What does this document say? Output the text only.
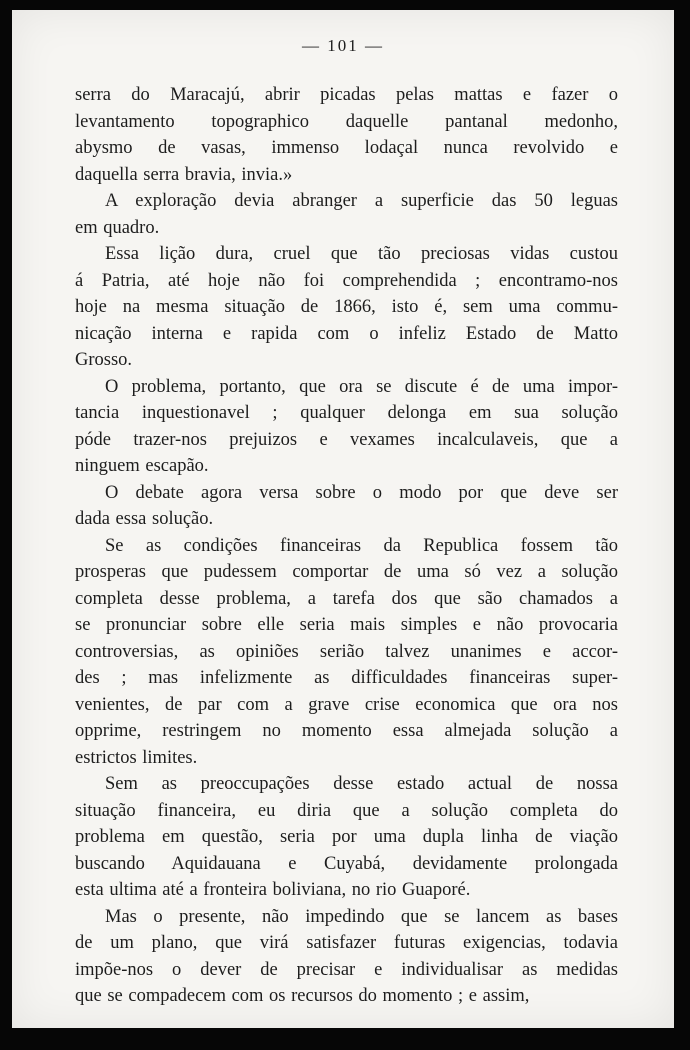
— 101 —
serra do Maracajú, abrir picadas pelas mattas e fazer o
levantamento topographico daquelle pantanal medonho,
abysmo de vasas, immenso lodaçal nunca revolvido e
daquella serra bravia, invia.»
A exploração devia abranger a superficie das 50 leguas
em quadro.
Essa lição dura, cruel que tão preciosas vidas custou
á Patria, até hoje não foi comprehendida ; encontramo-nos
hoje na mesma situação de 1866, isto é, sem uma commu-
nicação interna e rapida com o infeliz Estado de Matto
Grosso.
O problema, portanto, que ora se discute é de uma impor-
tancia inquestionavel ; qualquer delonga em sua solução
póde trazer-nos prejuizos e vexames incalculaveis, que a
ninguem escapão.
O debate agora versa sobre o modo por que deve ser
dada essa solução.
Se as condições financeiras da Republica fossem tão
prosperas que pudessem comportar de uma só vez a solução
completa desse problema, a tarefa dos que são chamados a
se pronunciar sobre elle seria mais simples e não provocaria
controversias, as opiniões serião talvez unanimes e accor-
des ; mas infelizmente as difficuldades financeiras super-
venientes, de par com a grave crise economica que ora nos
opprime, restringem no momento essa almejada solução a
estrictos limites.
Sem as preoccupações desse estado actual de nossa
situação financeira, eu diria que a solução completa do
problema em questão, seria por uma dupla linha de viação
buscando Aquidauana e Cuyabá, devidamente prolongada
esta ultima até a fronteira boliviana, no rio Guaporé.
Mas o presente, não impedindo que se lancem as bases
de um plano, que virá satisfazer futuras exigencias, todavia
impõe-nos o dever de precisar e individualisar as medidas
que se compadecem com os recursos do momento ; e assim,
